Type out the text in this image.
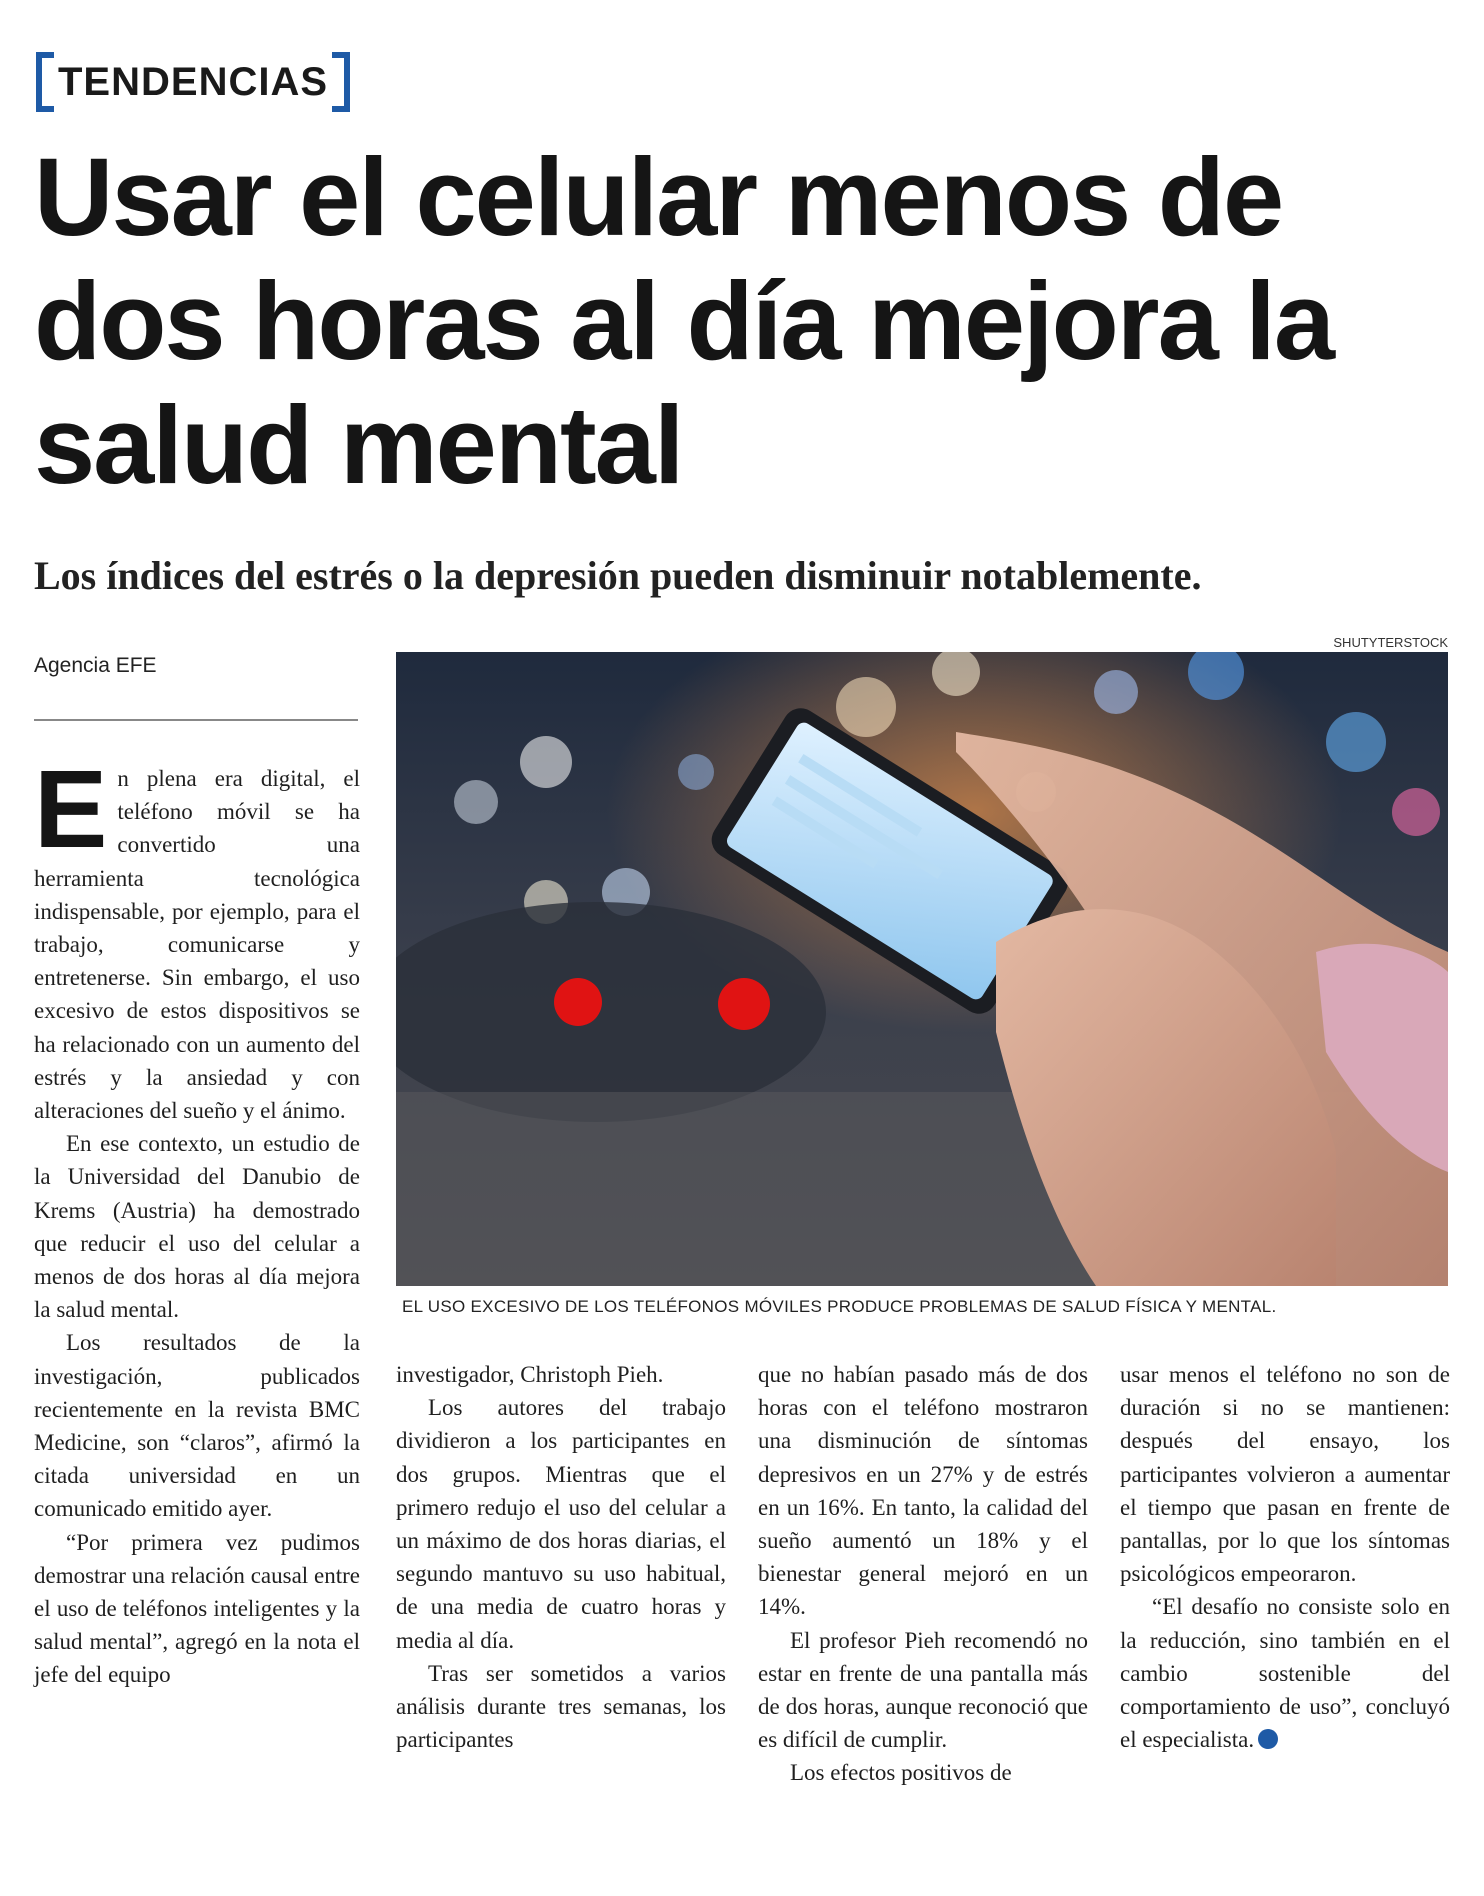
TENDENCIAS
Usar el celular menos de dos horas al día mejora la salud mental

Los índices del estrés o la depresión pueden disminuir notablemente.

SHUTYTERSTOCK
Agencia EFE
EL USO EXCESIVO DE LOS TELÉFONOS MÓVILES PRODUCE PROBLEMAS DE SALUD FÍSICA Y MENTAL.

En plena era digital, el teléfono móvil se ha convertido una herramienta tecnológica indispensable, por ejemplo, para el trabajo, comunicarse y entretenerse. Sin embargo, el uso excesivo de estos dispositivos se ha relacionado con un aumento del estrés y la ansiedad y con alteraciones del sueño y el ánimo.

En ese contexto, un estudio de la Universidad del Danubio de Krems (Austria) ha demostrado que reducir el uso del celular a menos de dos horas al día mejora la salud mental.

Los resultados de la investigación, publicados recientemente en la revista BMC Medicine, son “claros”, afirmó la citada universidad en un comunicado emitido ayer.

“Por primera vez pudimos demostrar una relación causal entre el uso de teléfonos inteligentes y la salud mental”, agregó en la nota el jefe del equipo

investigador, Christoph Pieh.

Los autores del trabajo dividieron a los participantes en dos grupos. Mientras que el primero redujo el uso del celular a un máximo de dos horas diarias, el segundo mantuvo su uso habitual, de una media de cuatro horas y media al día.

Tras ser sometidos a varios análisis durante tres semanas, los participantes

que no habían pasado más de dos horas con el teléfono mostraron una disminución de síntomas depresivos en un 27% y de estrés en un 16%. En tanto, la calidad del sueño aumentó un 18% y el bienestar general mejoró en un 14%.

El profesor Pieh recomendó no estar en frente de una pantalla más de dos horas, aunque reconoció que es difícil de cumplir.

Los efectos positivos de

usar menos el teléfono no son de duración si no se mantienen: después del ensayo, los participantes volvieron a aumentar el tiempo que pasan en frente de pantallas, por lo que los síntomas psicológicos empeoraron.

“El desafío no consiste solo en la reducción, sino también en el cambio sostenible del comportamiento de uso”, concluyó el especialista.✶
